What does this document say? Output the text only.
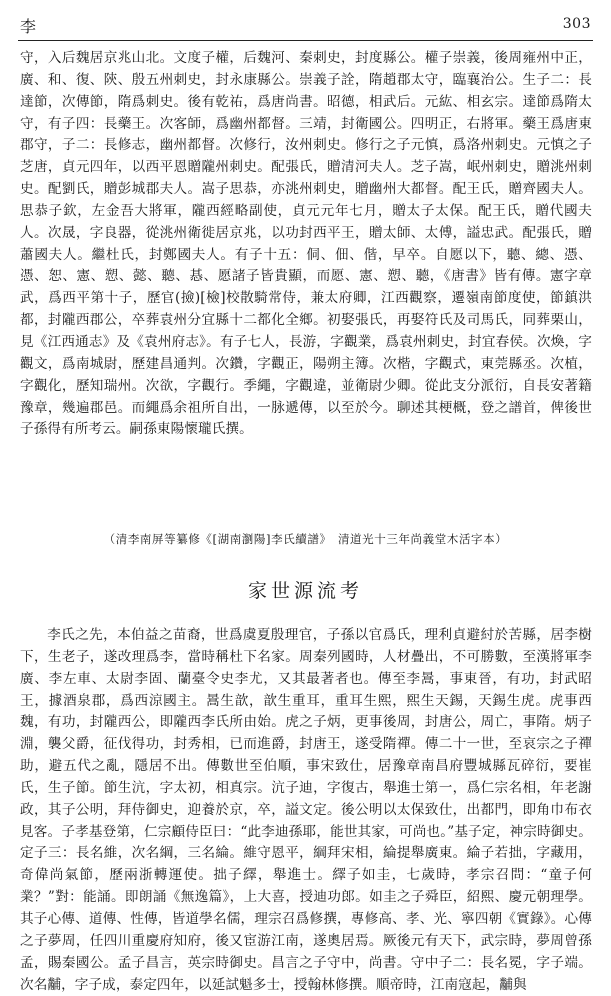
李	303
守，入后魏居京兆山北。文度子權，后魏河、秦刺史，封度縣公。權子崇義，後周雍州中正，廣、和、復、陝、殷五州刺史，封永康縣公。崇義子詮，隋趙郡太守，臨襄治公。生子二：長達節，次傳節，隋爲刺史。後有乾祐，爲唐尚書。昭德，相武后。元紘、相玄宗。達節爲隋太守，有子四：長藥王。次客師，爲幽州都督。三靖，封衛國公。四明正，右將軍。藥王爲唐東郡守，子二：長修志，幽州都督。次修行，汝州刺史。修行之子元慎，爲洛州刺史。元慎之子芝唐，貞元四年，以西平恩贈隴州刺史。配張氏，贈清河夫人。芝子嵩，岷州刺史，贈洮州刺史。配劉氏，贈彭城郡夫人。嵩子思恭，亦洮州刺史，贈幽州大都督。配王氏，贈齊國夫人。思恭子欽，左金吾大將軍，隴西經略副使，貞元元年七月，贈太子太保。配王氏，贈代國夫人。次晟，字良器，從洮州衛徙居京兆，以功封西平王，贈太師、太傅，謚忠武。配張氏，贈蕭國夫人。繼杜氏，封鄭國夫人。有子十五：侗、佃、偕，早卒。自愿以下，聽、總、憑、憑、恕、憲、愬、懿、聽、惎、愿諸子皆貴顯，而愿、憲、愬、聽，《唐書》皆有傳。憲字章武，爲西平第十子，歷官(撿)[檢]校散騎常侍，兼太府卿，江西觀察，遷嶺南節度使，節鎮洪都，封隴西郡公，卒葬袁州分宜縣十二都化全鄉。初娶張氏，再娶符氏及司馬氏，同葬栗山，見《江西通志》及《袁州府志》。有子七人，長游，字觀業，爲袁州刺史，封宜春侯。次煥，字觀文，爲南城尉，歷建昌通判。次鑽，字觀正，陽朔主簿。次楷，字觀式，東莞縣丞。次植，字觀化，歷知瑞州。次欲，字觀行。季繩，字觀違，並衛尉少卿。從此支分派衍，自長安著籍豫章，幾遍郡邑。而繩爲余祖所自出，一脉遞傳，以至於今。聊述其梗概，登之譜首，俾後世子孫得有所考云。嗣孫東陽懷瓏氏撰。
（清李南屏等纂修《[湖南瀏陽]李氏續譜》　清道光十三年尚義堂木活字本）
家世源流考
李氏之先，本伯益之苗裔，世爲虞夏殷理官，子孫以官爲氏，理利貞避紂於苦縣，居李樹下，生老子，遂改理爲李，當時稱杜下名家。周秦列國時，人材疊出，不可勝數，至漢將軍李廣、李左車、太尉李固、蘭臺令史李尤，又其最著者也。傳至李暠，事東晉，有功，封武昭王，據酒泉郡，爲西涼國主。暠生歆，歆生重耳，重耳生熙，熙生天錫，天錫生虎。虎事西魏，有功，封隴西公，即隴西李氏所由始。虎之子炳，更事後周，封唐公，周亡，事隋。炳子淵，襲父爵，征伐得功，封秀相，已而進爵，封唐王，遂受隋禪。傳二十一世，至哀宗之子禪助，避五代之亂，隱居不出。傳數世至伯順，事宋致仕，居豫章南昌府豐城縣瓦碎衍，要崔氏，生子節。節生沆，字太初，相真宗。沆子迪，字復古，舉進士第一，爲仁宗名相，年老謝政，其子公明，拜侍御史，迎養於京，卒，謚文定。後公明以太保致仕，出都門，即角巾布衣見客。子孝基登第，仁宗顧侍臣曰：“此李迪孫耶，能世其家，可尚也。”基子定，神宗時御史。定子三：長名維，次名綱，三名綸。維守恩平，綱拜宋相，綸提舉廣東。綸子若拙，字藏用，奇偉尚氣節，歷兩浙轉運使。拙子繹，舉進士。繹子如圭，七歲時，孝宗召問：“童子何業？”對：能誦。即朗誦《無逸篇》，上大喜，授迪功郎。如圭之子舜臣，紹熙、慶元朝理學。其子心傳、道傳、性傳，皆道學名儒，理宗召爲修撰，專修高、孝、光、寧四朝《實錄》。心傳之子夢周，任四川重慶府知府，後又宦游江南，遂奧居焉。厥後元有天下，武宗時，夢周曾孫孟，賜秦國公。孟子昌言，英宗時御史。昌言之子守中，尚書。守中子二：長名冕，字子端。次名黼，字子成，泰定四年，以延試魁多士，授翰林修撰。順帝時，江南寇起，黼與
